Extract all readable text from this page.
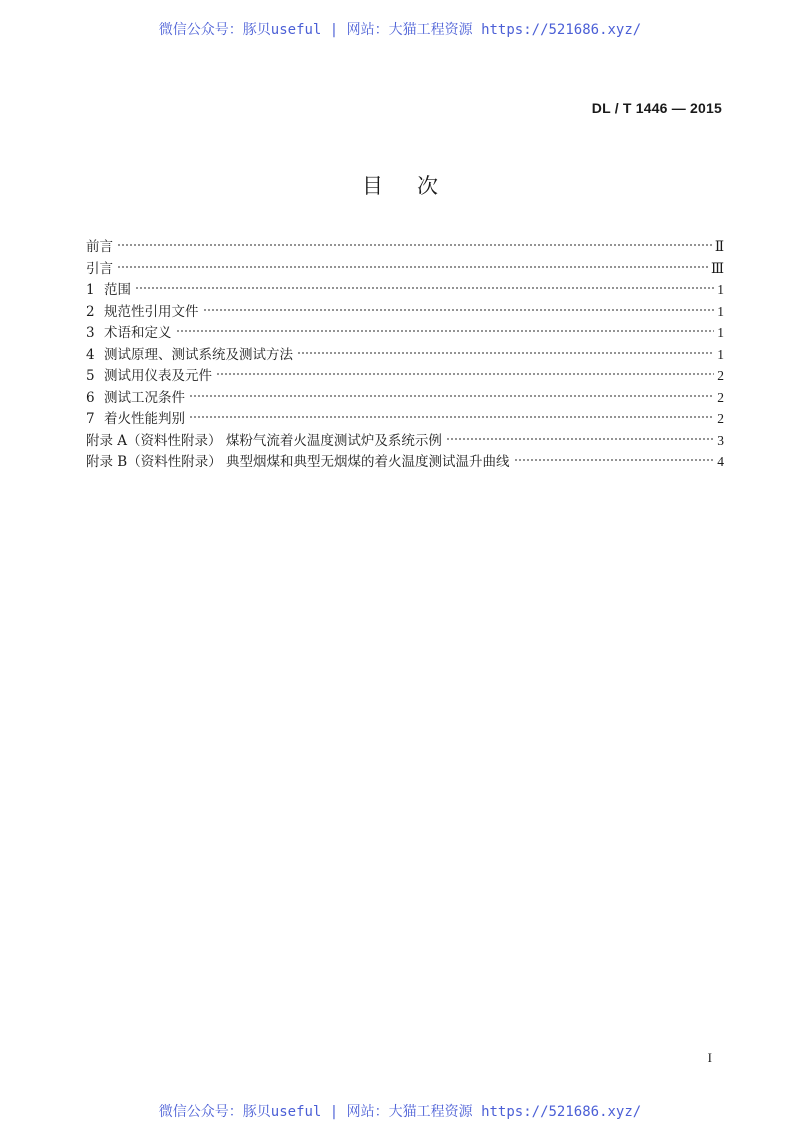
微信公众号：豚贝useful | 网站：大猫工程资源 https://521686.xyz/
DL / T 1446 — 2015
目次
前言	Ⅱ
引言	Ⅲ
1 范围	1
2 规范性引用文件	1
3 术语和定义	1
4 测试原理、测试系统及测试方法	1
5 测试用仪表及元件	2
6 测试工况条件	2
7 着火性能判别	2
附录 A（资料性附录） 煤粉气流着火温度测试炉及系统示例	3
附录 B（资料性附录） 典型烟煤和典型无烟煤的着火温度测试温升曲线	4
I
微信公众号：豚贝useful | 网站：大猫工程资源 https://521686.xyz/
